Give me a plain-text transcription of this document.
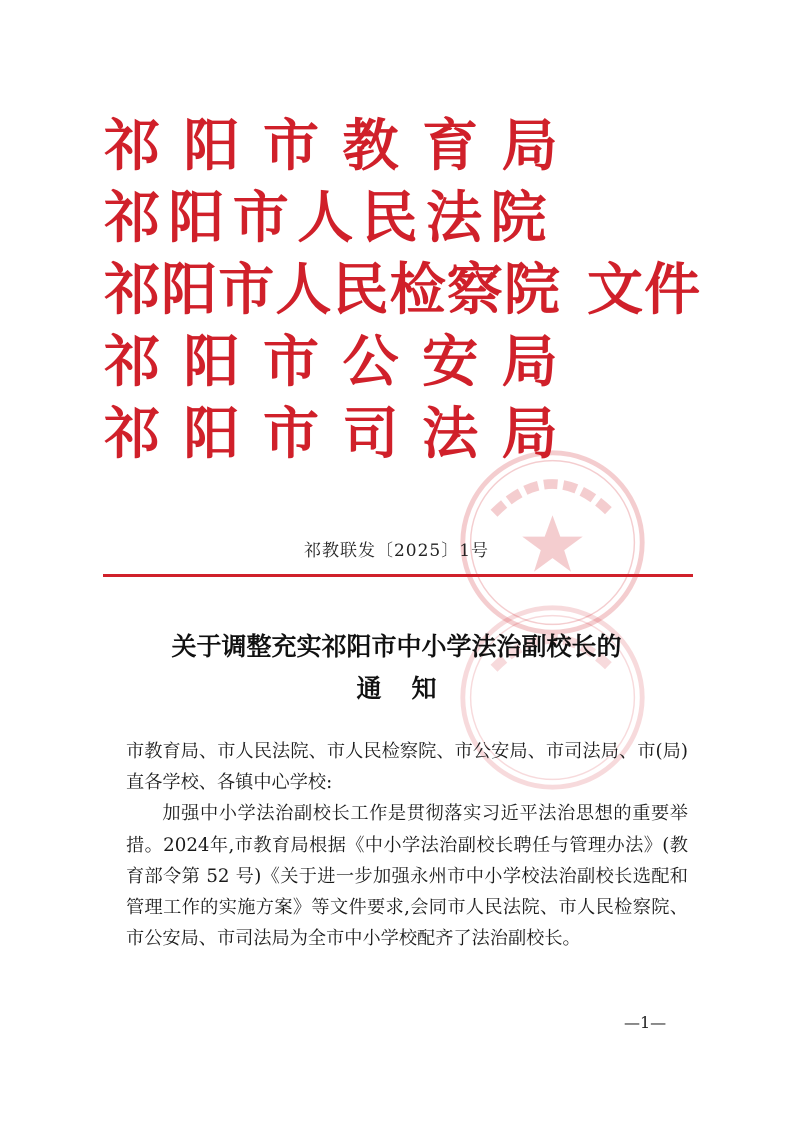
祁阳市教育局
祁阳市人民法院
祁阳市人民检察院 文件
祁阳市公安局
祁阳市司法局
祁教联发〔2025〕1号
关于调整充实祁阳市中小学法治副校长的
通知

市教育局、市人民法院、市人民检察院、市公安局、市司法局、市(局)直各学校、各镇中心学校:

加强中小学法治副校长工作是贯彻落实习近平法治思想的重要举措。2024年,市教育局根据《中小学法治副校长聘任与管理办法》(教育部令第 52 号)《关于进一步加强永州市中小学校法治副校长选配和管理工作的实施方案》等文件要求,会同市人民法院、市人民检察院、市公安局、市司法局为全市中小学校配齐了法治副校长。

—1—
